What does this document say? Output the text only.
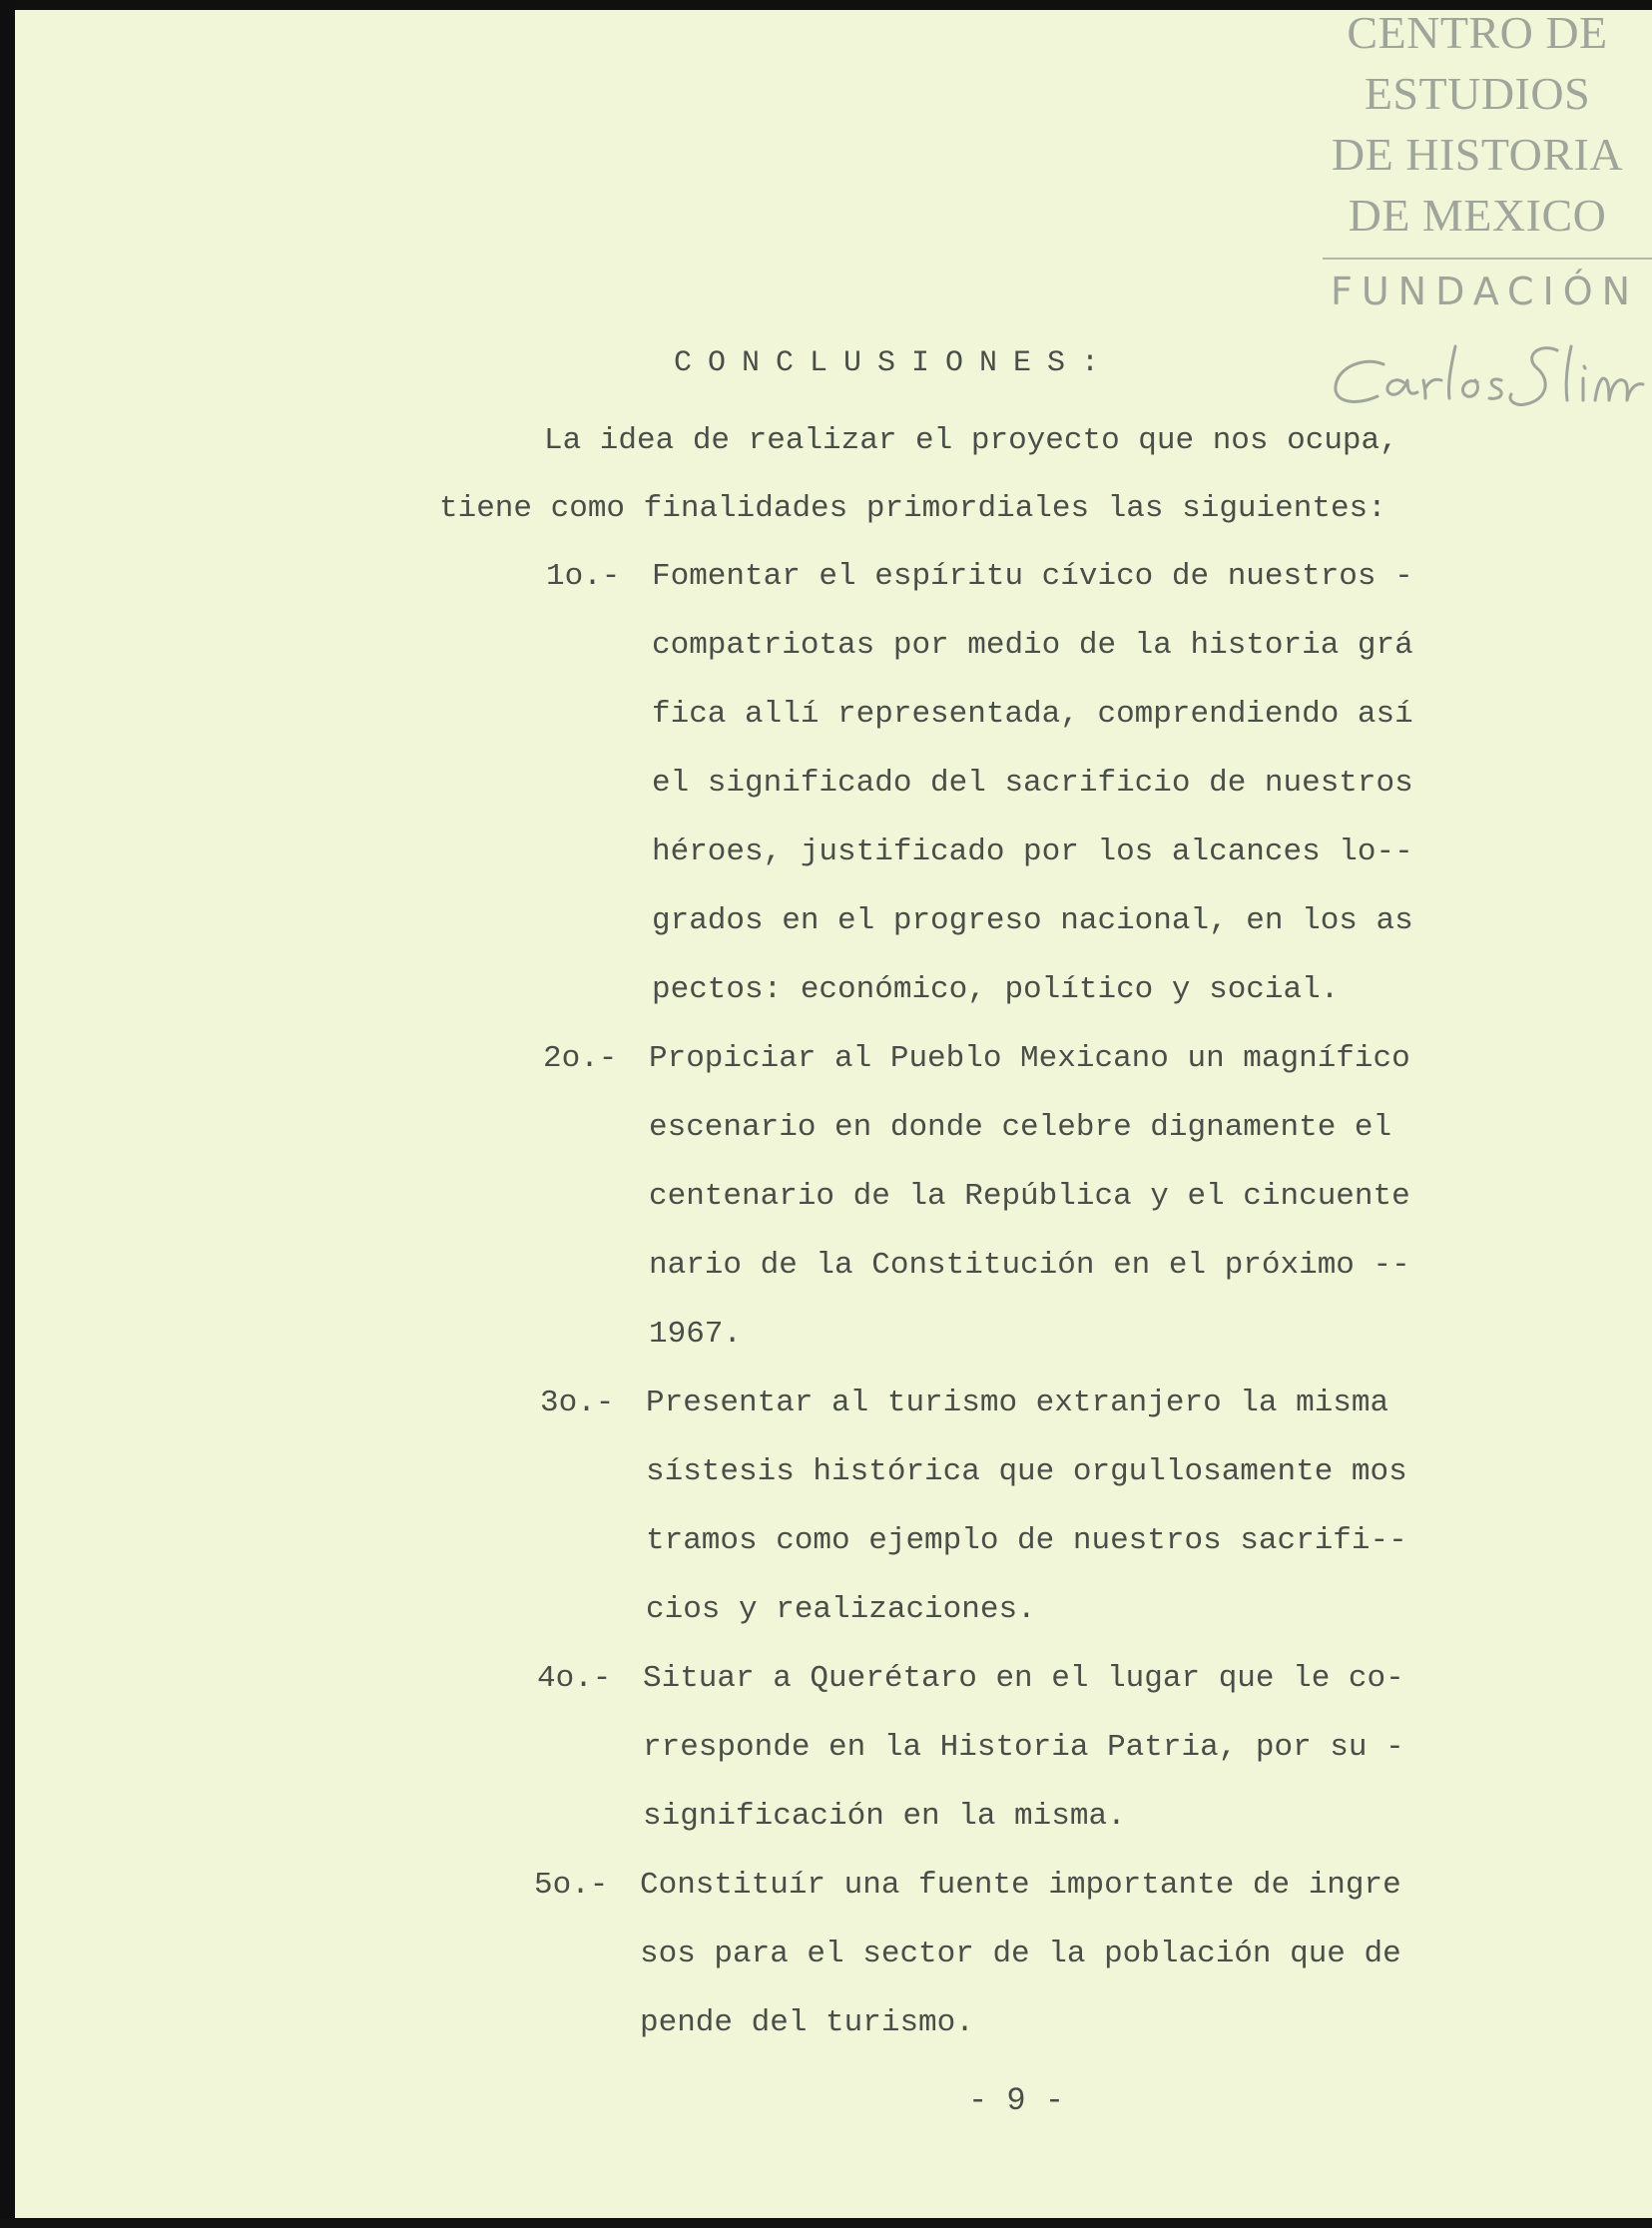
CONCLUSIONES:
La idea de realizar el proyecto que nos ocupa,
tiene como finalidades primordiales las siguientes:
1o.- Fomentar el espíritu cívico de nuestros -
compatriotas por medio de la historia grá
fica allí representada, comprendiendo así
el significado del sacrificio de nuestros
héroes, justificado por los alcances lo--
grados en el progreso nacional, en los as
pectos: económico, político y social.
2o.- Propiciar al Pueblo Mexicano un magnífico
escenario en donde celebre dignamente el
centenario de la República y el cincuente
nario de la Constitución en el próximo --
1967.
3o.- Presentar al turismo extranjero la misma
sístesis histórica que orgullosamente mos
tramos como ejemplo de nuestros sacrifi--
cios y realizaciones.
4o.- Situar a Querétaro en el lugar que le co-
rresponde en la Historia Patria, por su -
significación en la misma.
5o.- Constituír una fuente importante de ingre
sos para el sector de la población que de
pende del turismo.
- 9 -
CENTRO DE
ESTUDIOS
DE HISTORIA
DE MEXICO
FUNDACIÓN
